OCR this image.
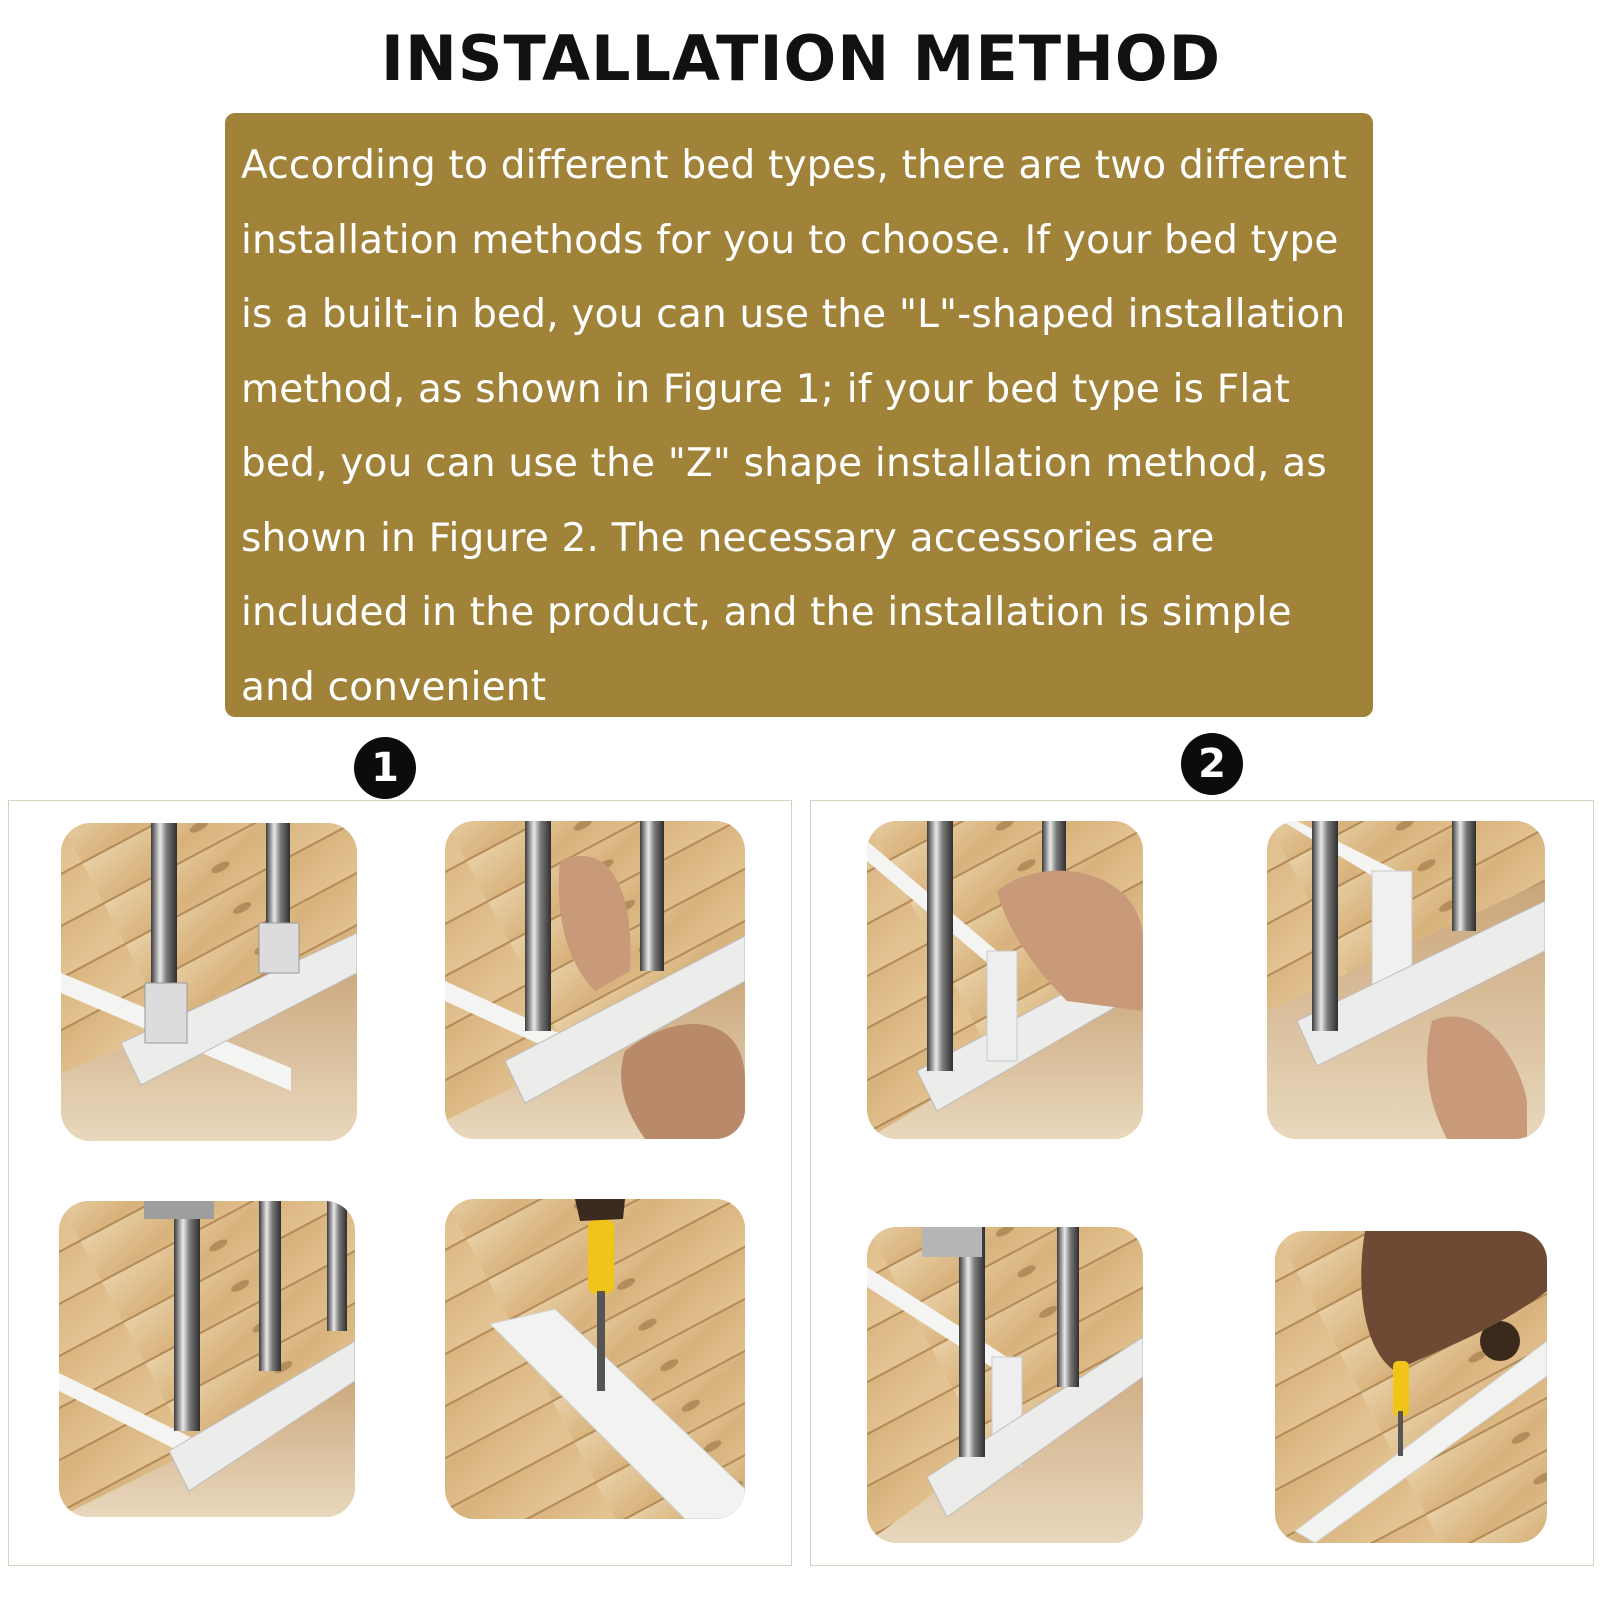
INSTALLATION METHOD

According to different bed types, there are two different installation methods for you to choose. If your bed type is a built-in bed, you can use the "L"-shaped installation method, as shown in Figure 1; if your bed type is Flat bed, you can use the "Z" shape installation method, as shown in Figure 2. The necessary accessories are included in the product, and the installation is simple and convenient

1	2
